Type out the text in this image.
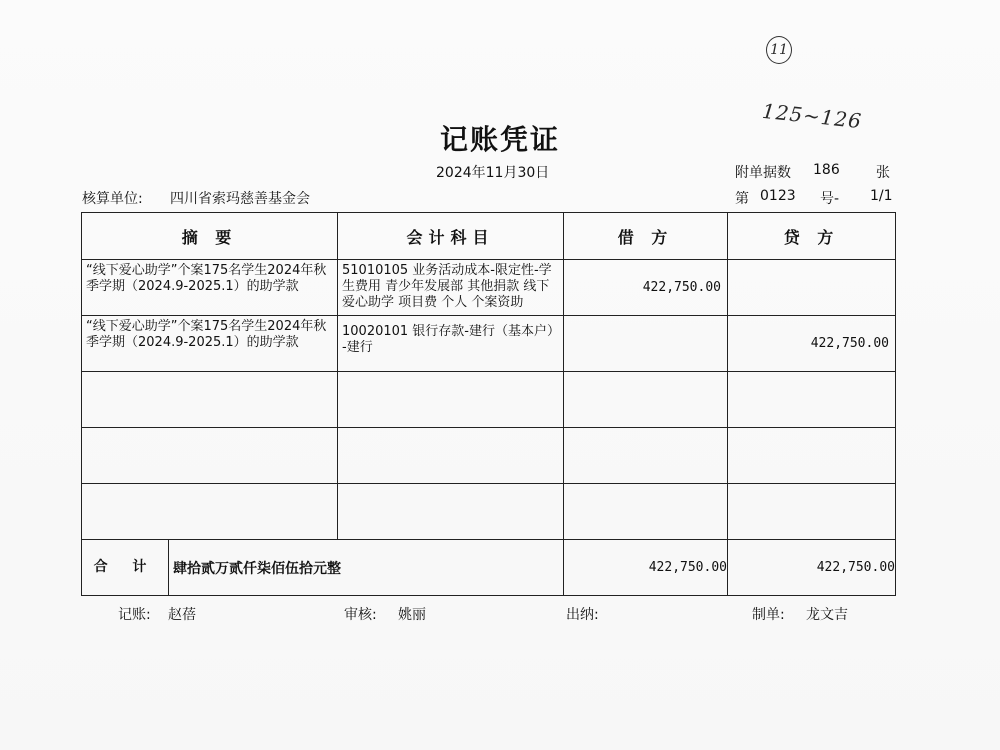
11
125~126
记账凭证
2024年11月30日	附单据数 186	张
核算单位: 四川省索玛慈善基金会	第 0123 号- 1/1
摘 要	会计科目	借 方	贷 方

“线下爱心助学”个案175名学生2024年秋季学期（2024.9-2025.1）的助学款	51010105 业务活动成本-限定性-学生费用 青少年发展部 其他捐款 线下爱心助学 项目费 个人 个案资助	422,750.00	

“线下爱心助学”个案175名学生2024年秋季学期（2024.9-2025.1）的助学款	10020101 银行存款-建行（基本户）-建行		422,750.00

合 计 肆拾贰万贰仟柒佰伍拾元整		422,750.00	422,750.00
记账: 赵蓓	审核: 姚丽	出纳:	制单: 龙文吉
